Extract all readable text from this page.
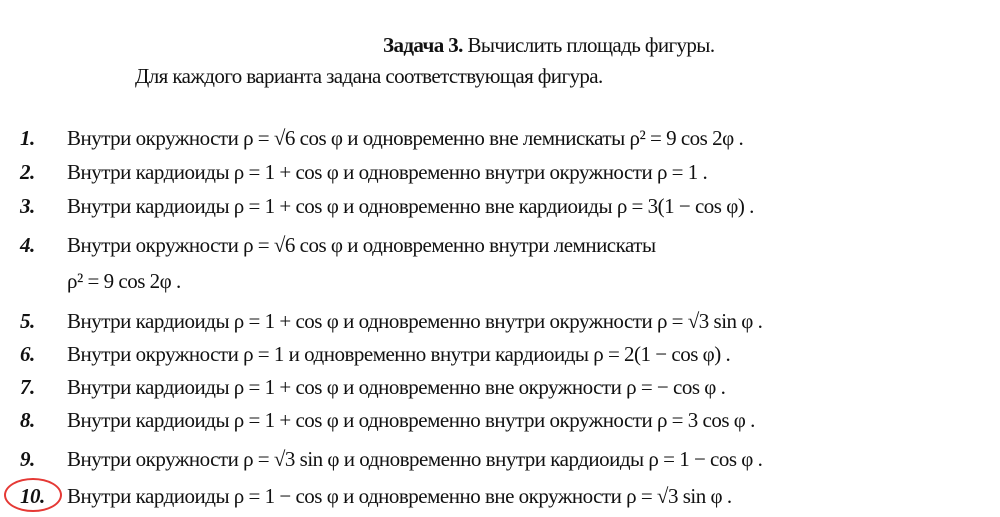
Задача 3. Вычислить площадь фигуры.
Для каждого варианта задана соответствующая фигура.
1.	Внутри окружности ρ = √6 cos φ и одновременно вне лемнискаты ρ² = 9 cos 2φ .
2.	Внутри кардиоиды ρ = 1 + cos φ и одновременно внутри окружности ρ = 1 .
3.	Внутри кардиоиды ρ = 1 + cos φ и одновременно вне кардиоиды ρ = 3(1 − cos φ) .
4.	Внутри окружности ρ = √6 cos φ и одновременно внутри лемнискаты
ρ² = 9 cos 2φ .
5.	Внутри кардиоиды ρ = 1 + cos φ и одновременно внутри окружности ρ = √3 sin φ .
6.	Внутри окружности ρ = 1 и одновременно внутри кардиоиды ρ = 2(1 − cos φ) .
7.	Внутри кардиоиды ρ = 1 + cos φ и одновременно вне окружности ρ = − cos φ .
8.	Внутри кардиоиды ρ = 1 + cos φ и одновременно внутри окружности ρ = 3 cos φ .
9.	Внутри окружности ρ = √3 sin φ и одновременно внутри кардиоиды ρ = 1 − cos φ .
10.	Внутри кардиоиды ρ = 1 − cos φ и одновременно вне окружности ρ = √3 sin φ .
